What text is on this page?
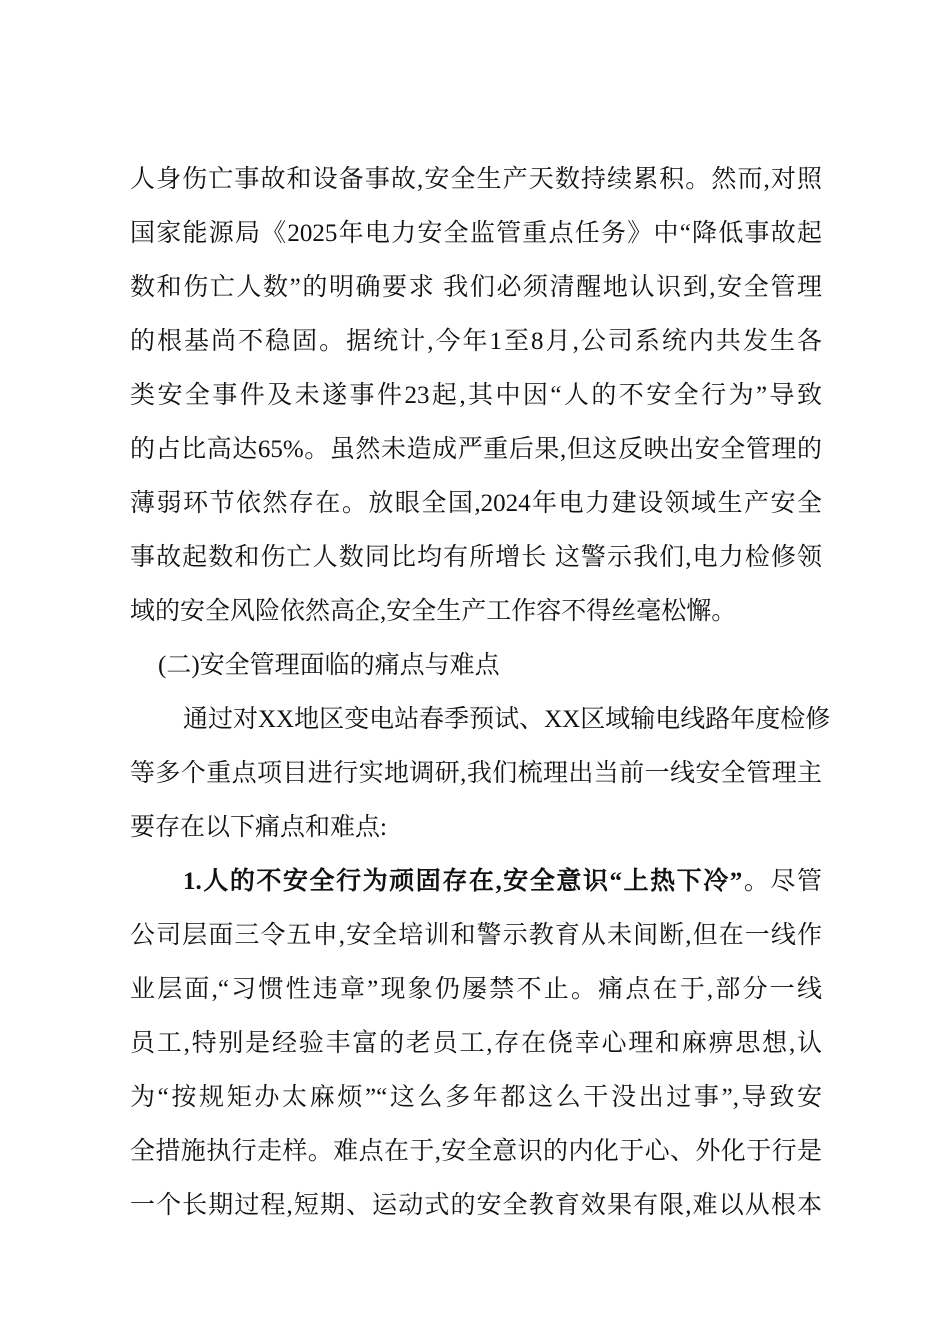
人身伤亡事故和设备事故,安全生产天数持续累积。然而,对照
国家能源局《2025年电力安全监管重点任务》中“降低事故起
数和伤亡人数”的明确要求 我们必须清醒地认识到,安全管理
的根基尚不稳固。据统计,今年1至8月,公司系统内共发生各
类安全事件及未遂事件23起,其中因“人的不安全行为”导致
的占比高达65%。虽然未造成严重后果,但这反映出安全管理的
薄弱环节依然存在。放眼全国,2024年电力建设领域生产安全
事故起数和伤亡人数同比均有所增长 这警示我们,电力检修领
域的安全风险依然高企,安全生产工作容不得丝毫松懈。
(二)安全管理面临的痛点与难点
通过对XX地区变电站春季预试、XX区域输电线路年度检修
等多个重点项目进行实地调研,我们梳理出当前一线安全管理主
要存在以下痛点和难点:
1.人的不安全行为顽固存在,安全意识“上热下冷”。尽管
公司层面三令五申,安全培训和警示教育从未间断,但在一线作
业层面,“习惯性违章”现象仍屡禁不止。痛点在于,部分一线
员工,特别是经验丰富的老员工,存在侥幸心理和麻痹思想,认
为“按规矩办太麻烦”“这么多年都这么干没出过事”,导致安
全措施执行走样。难点在于,安全意识的内化于心、外化于行是
一个长期过程,短期、运动式的安全教育效果有限,难以从根本
